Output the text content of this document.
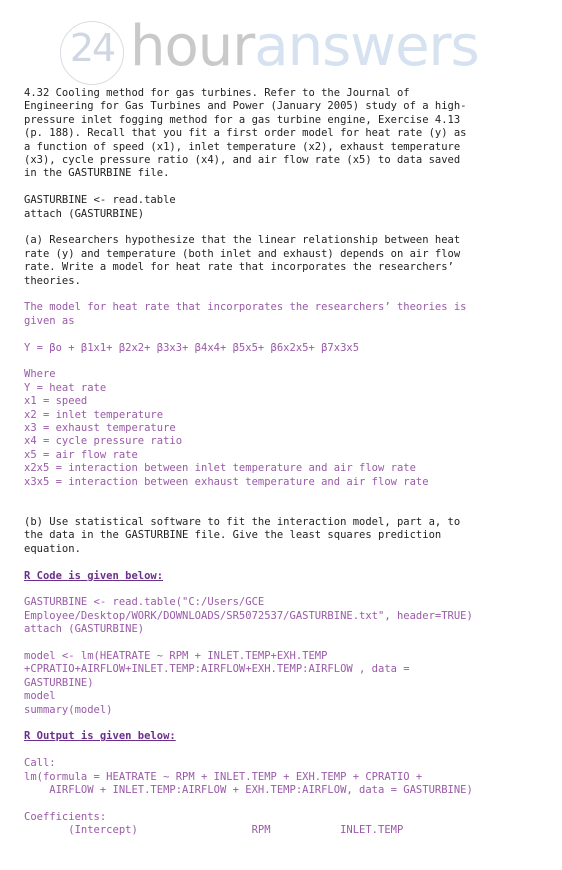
24 houranswers
4.32 Cooling method for gas turbines. Refer to the Journal of
Engineering for Gas Turbines and Power (January 2005) study of a high-
pressure inlet fogging method for a gas turbine engine, Exercise 4.13
(p. 188). Recall that you fit a first order model for heat rate (y) as
a function of speed (x1), inlet temperature (x2), exhaust temperature
(x3), cycle pressure ratio (x4), and air flow rate (x5) to data saved
in the GASTURBINE file.
GASTURBINE <- read.table
attach (GASTURBINE)
(a) Researchers hypothesize that the linear relationship between heat
rate (y) and temperature (both inlet and exhaust) depends on air flow
rate. Write a model for heat rate that incorporates the researchers’
theories.
The model for heat rate that incorporates the researchers’ theories is
given as
Y = βo + β1x1+ β2x2+ β3x3+ β4x4+ β5x5+ β6x2x5+ β7x3x5
Where
Y = heat rate
x1 = speed
x2 = inlet temperature
x3 = exhaust temperature
x4 = cycle pressure ratio
x5 = air flow rate
x2x5 = interaction between inlet temperature and air flow rate
x3x5 = interaction between exhaust temperature and air flow rate
(b) Use statistical software to fit the interaction model, part a, to
the data in the GASTURBINE file. Give the least squares prediction
equation.
R Code is given below:
GASTURBINE <- read.table("C:/Users/GCE
Employee/Desktop/WORK/DOWNLOADS/SR5072537/GASTURBINE.txt", header=TRUE)
attach (GASTURBINE)
model <- lm(HEATRATE ~ RPM + INLET.TEMP+EXH.TEMP
+CPRATIO+AIRFLOW+INLET.TEMP:AIRFLOW+EXH.TEMP:AIRFLOW , data =
GASTURBINE)
model
summary(model)
R Output is given below:
Call:
lm(formula = HEATRATE ~ RPM + INLET.TEMP + EXH.TEMP + CPRATIO +
AIRFLOW + INLET.TEMP:AIRFLOW + EXH.TEMP:AIRFLOW, data = GASTURBINE)
Coefficients:
(Intercept)                  RPM           INLET.TEMP
